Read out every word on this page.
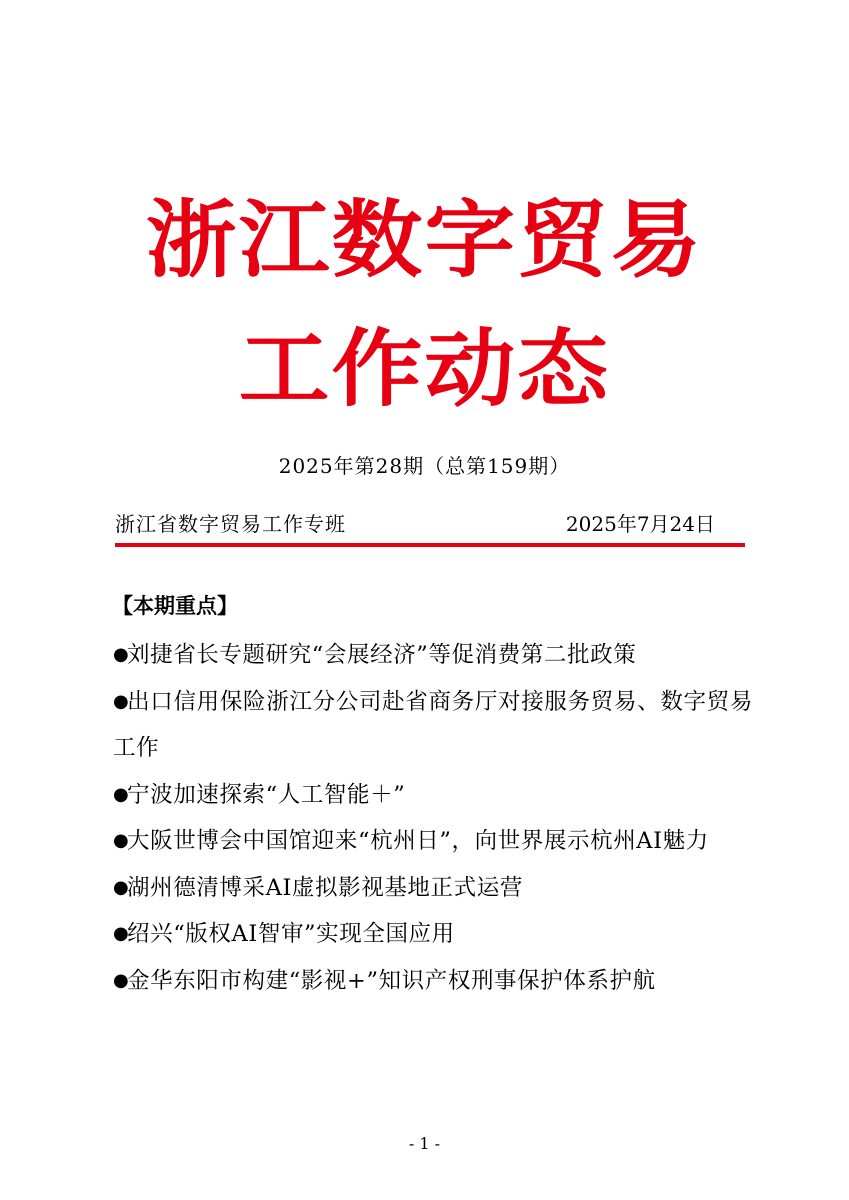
浙江数字贸易
工作动态
2025年第28期（总第159期）
浙江省数字贸易工作专班	2025年7月24日
【本期重点】
●刘捷省长专题研究“会展经济”等促消费第二批政策
●出口信用保险浙江分公司赴省商务厅对接服务贸易、数字贸易工作
●宁波加速探索“人工智能＋”
●大阪世博会中国馆迎来“杭州日”，向世界展示杭州AI魅力
●湖州德清博采AI虚拟影视基地正式运营
●绍兴“版权AI智审”实现全国应用
●金华东阳市构建“影视+”知识产权刑事保护体系护航
- 1 -
